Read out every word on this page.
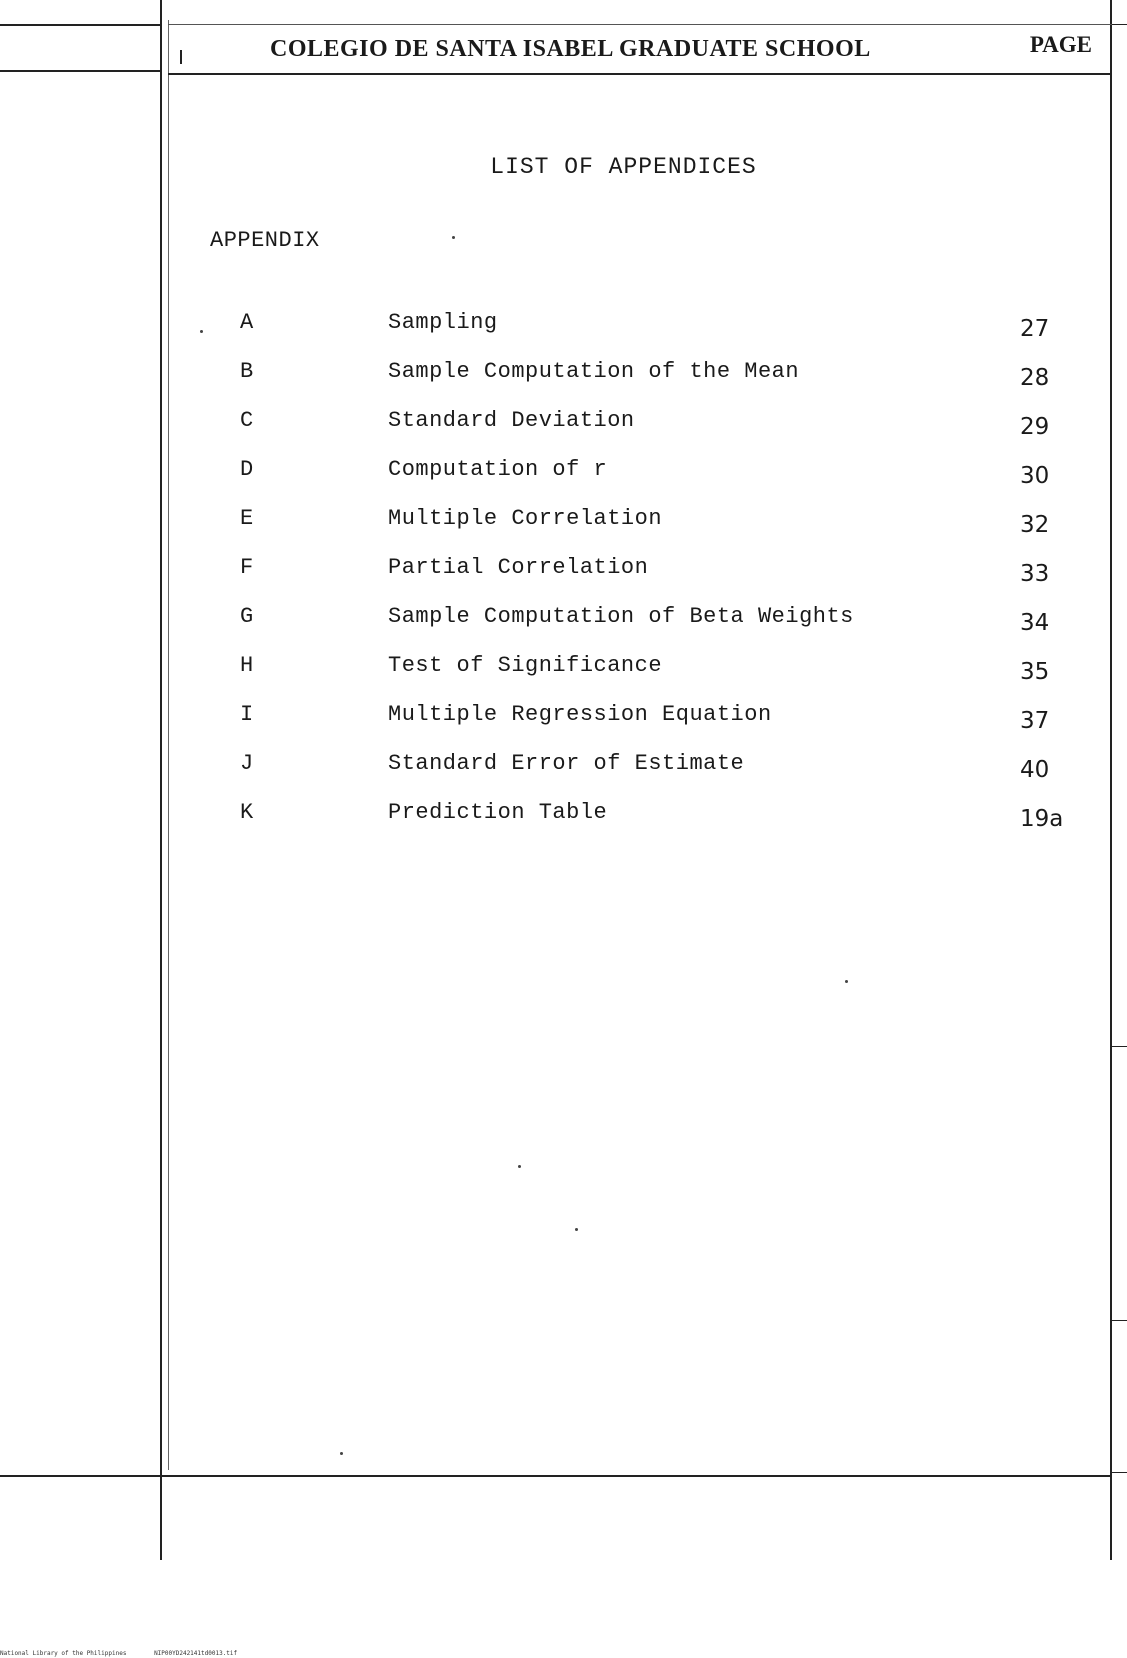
COLEGIO DE SANTA ISABEL GRADUATE SCHOOL	PAGE
LIST OF APPENDICES
APPENDIX
A	Sampling	27
B	Sample Computation of the Mean	28
C	Standard Deviation	29
D	Computation of r	30
E	Multiple Correlation	32
F	Partial Correlation	33
G	Sample Computation of Beta Weights	34
H	Test of Significance	35
I	Multiple Regression Equation	37
J	Standard Error of Estimate	40
K	Prediction Table	19a
National Library of the Philippines	NIP00YD242141td0013.tif
